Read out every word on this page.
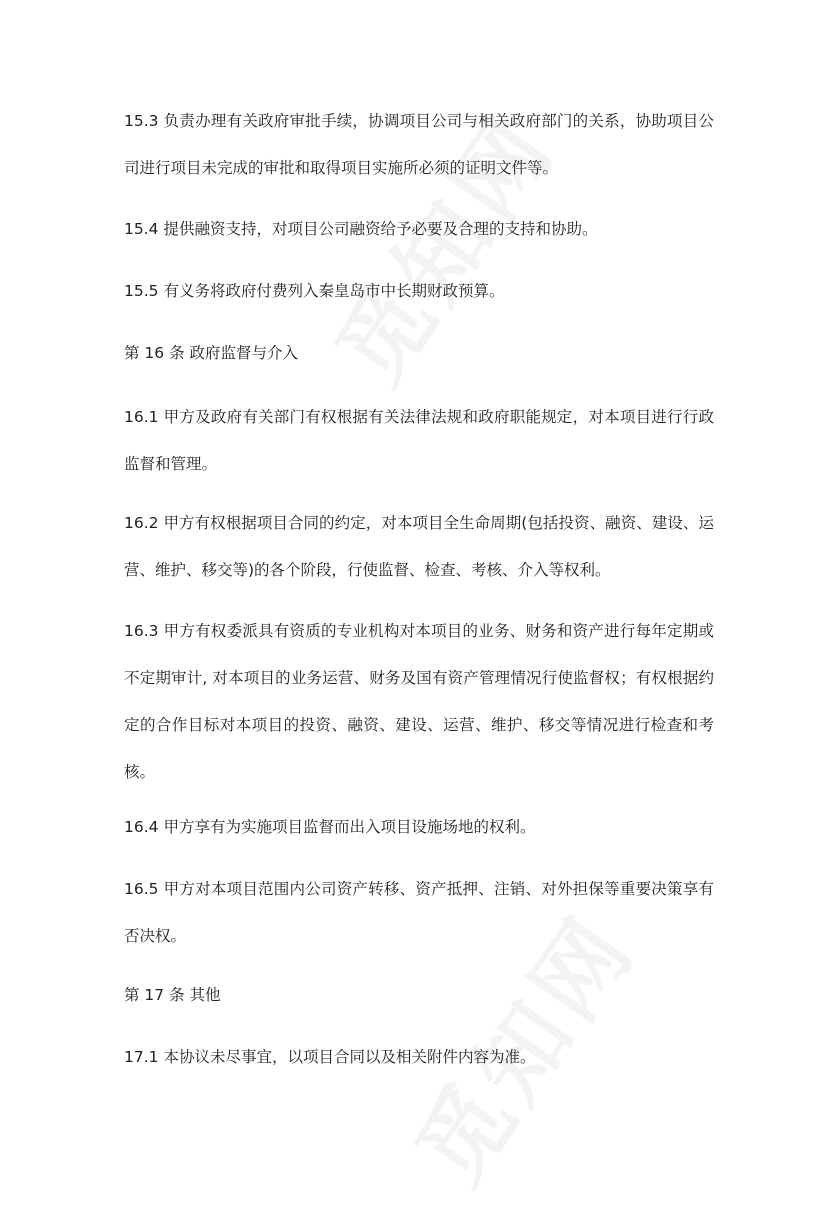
15.3 负责办理有关政府审批手续，协调项目公司与相关政府部门的关系，协助项目公司进行项目未完成的审批和取得项目实施所必须的证明文件等。

15.4 提供融资支持，对项目公司融资给予必要及合理的支持和协助。

15.5 有义务将政府付费列入秦皇岛市中长期财政预算。

第 16 条 政府监督与介入

16.1 甲方及政府有关部门有权根据有关法律法规和政府职能规定，对本项目进行行政监督和管理。

16.2 甲方有权根据项目合同的约定，对本项目全生命周期(包括投资、融资、建设、运营、维护、移交等)的各个阶段，行使监督、检查、考核、介入等权利。

16.3 甲方有权委派具有资质的专业机构对本项目的业务、财务和资产进行每年定期或不定期审计, 对本项目的业务运营、财务及国有资产管理情况行使监督权；有权根据约定的合作目标对本项目的投资、融资、建设、运营、维护、移交等情况进行检查和考核。

16.4 甲方享有为实施项目监督而出入项目设施场地的权利。

16.5 甲方对本项目范围内公司资产转移、资产抵押、注销、对外担保等重要决策享有否决权。

第 17 条 其他

17.1 本协议未尽事宜，以项目合同以及相关附件内容为准。
